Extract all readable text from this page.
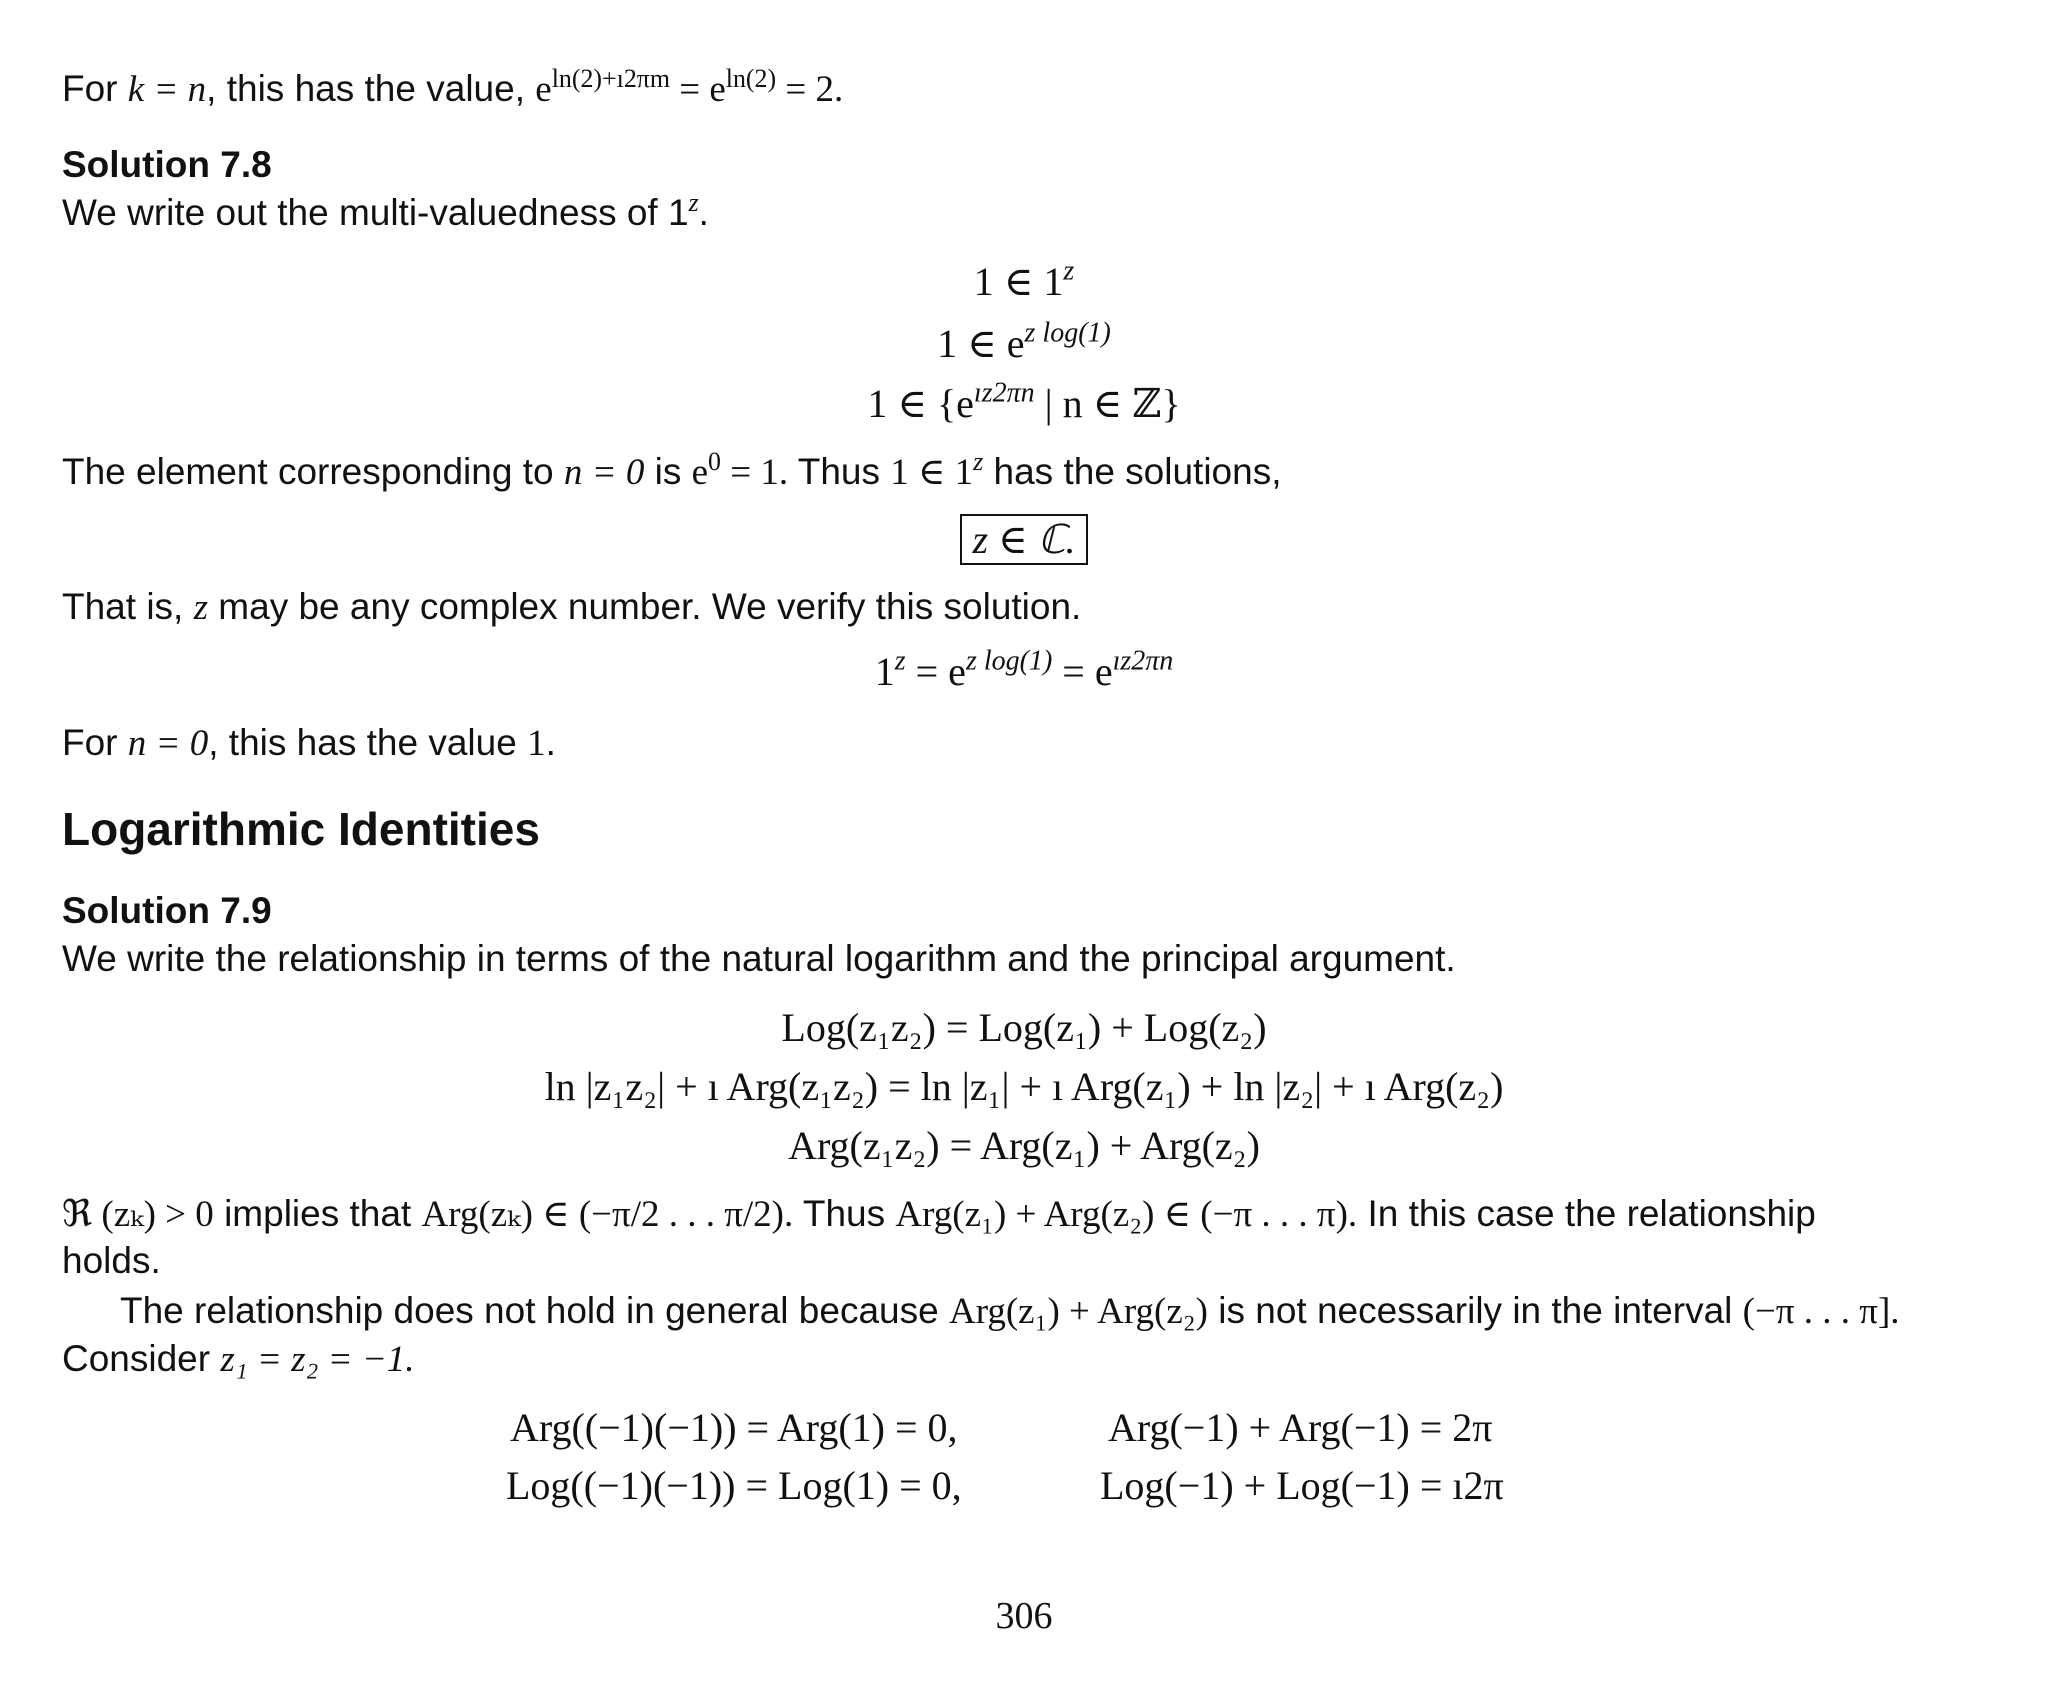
For k = n, this has the value, $e^{ln(2)+ı2\pi m} = e^{ln(2)} = 2$.
Solution 7.8
We write out the multi-valuedness of 1$^z$.
1 ∈ 1$^z$
1 ∈ $e^{z log(1)}$
1 ∈ {$e^{ız2\pi n}$ | n ∈ ℤ}
The element corresponding to n = 0 is $e^0 = 1$. Thus 1 ∈ 1$^z$ has the solutions,
z ∈ ℂ.
That is, z may be any complex number. We verify this solution.
$1^z = e^{z log(1)} = e^{ız2\pi n}$
For n = 0, this has the value 1.
Logarithmic Identities
Solution 7.9
We write the relationship in terms of the natural logarithm and the principal argument.
Log(z₁z₂) = Log(z₁) + Log(z₂)
ln |z₁z₂| + ı Arg(z₁z₂) = ln |z₁| + ı Arg(z₁) + ln |z₂| + ı Arg(z₂)
Arg(z₁z₂) = Arg(z₁) + Arg(z₂)
ℜ (zₖ) > 0 implies that Arg(zₖ) ∈ (−π/2 . . . π/2). Thus Arg(z₁) + Arg(z₂) ∈ (−π . . . π). In this case the relationship
holds.
The relationship does not hold in general because Arg(z₁) + Arg(z₂) is not necessarily in the interval (−π . . . π].
Consider z₁ = z₂ = −1.
Arg((−1)(−1)) = Arg(1) = 0,	Arg(−1) + Arg(−1) = 2π
Log((−1)(−1)) = Log(1) = 0,	Log(−1) + Log(−1) = ı2π
306
